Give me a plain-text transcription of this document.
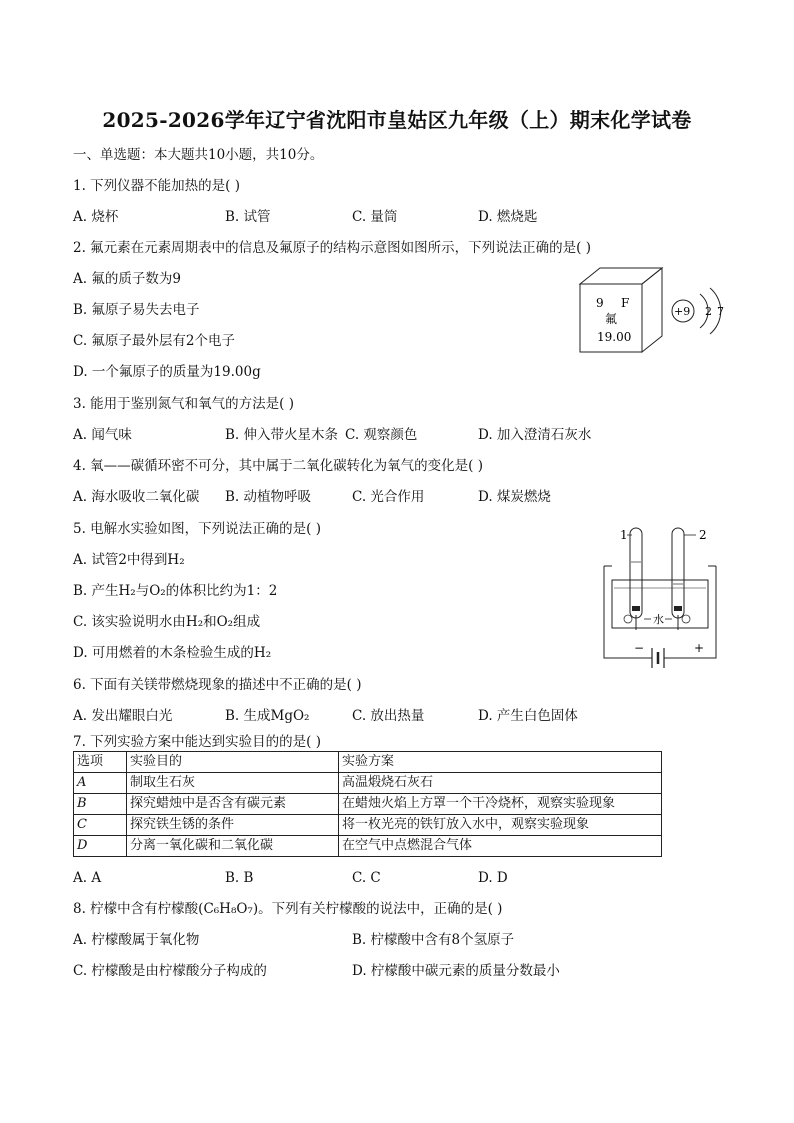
2025-2026学年辽宁省沈阳市皇姑区九年级（上）期末化学试卷
一、单选题：本大题共10小题，共10分。
1. 下列仪器不能加热的是( )
A. 烧杯	B. 试管	C. 量筒	D. 燃烧匙
2. 氟元素在元素周期表中的信息及氟原子的结构示意图如图所示，下列说法正确的是( )
A. 氟的质子数为9
B. 氟原子易失去电子
C. 氟原子最外层有2个电子
D. 一个氟原子的质量为19.00g
9 F
氟
19.00
+9 2 7
3. 能用于鉴别氮气和氧气的方法是( )
A. 闻气味	B. 伸入带火星木条 C. 观察颜色	D. 加入澄清石灰水
4. 氧——碳循环密不可分，其中属于二氧化碳转化为氧气的变化是( )
A. 海水吸收二氧化碳 B. 动植物呼吸	C. 光合作用	D. 煤炭燃烧
5. 电解水实验如图，下列说法正确的是( )
A. 试管2中得到H₂
B. 产生H₂与O₂的体积比约为1：2
C. 该实验说明水由H₂和O₂组成
D. 可用燃着的木条检验生成的H₂
水
1	2
−	+
6. 下面有关镁带燃烧现象的描述中不正确的是( )
A. 发出耀眼白光	B. 生成MgO₂	C. 放出热量	D. 产生白色固体
7. 下列实验方案中能达到实验目的的是( )
选项	实验目的	实验方案
A	制取生石灰	高温煅烧石灰石
B	探究蜡烛中是否含有碳元素	在蜡烛火焰上方罩一个干冷烧杯，观察实验现象
C	探究铁生锈的条件	将一枚光亮的铁钉放入水中，观察实验现象
D	分离一氧化碳和二氧化碳	在空气中点燃混合气体
A. A	B. B	C. C	D. D
8. 柠檬中含有柠檬酸(C₆H₈O₇)。下列有关柠檬酸的说法中，正确的是( )
A. 柠檬酸属于氧化物	B. 柠檬酸中含有8个氢原子
C. 柠檬酸是由柠檬酸分子构成的	D. 柠檬酸中碳元素的质量分数最小
